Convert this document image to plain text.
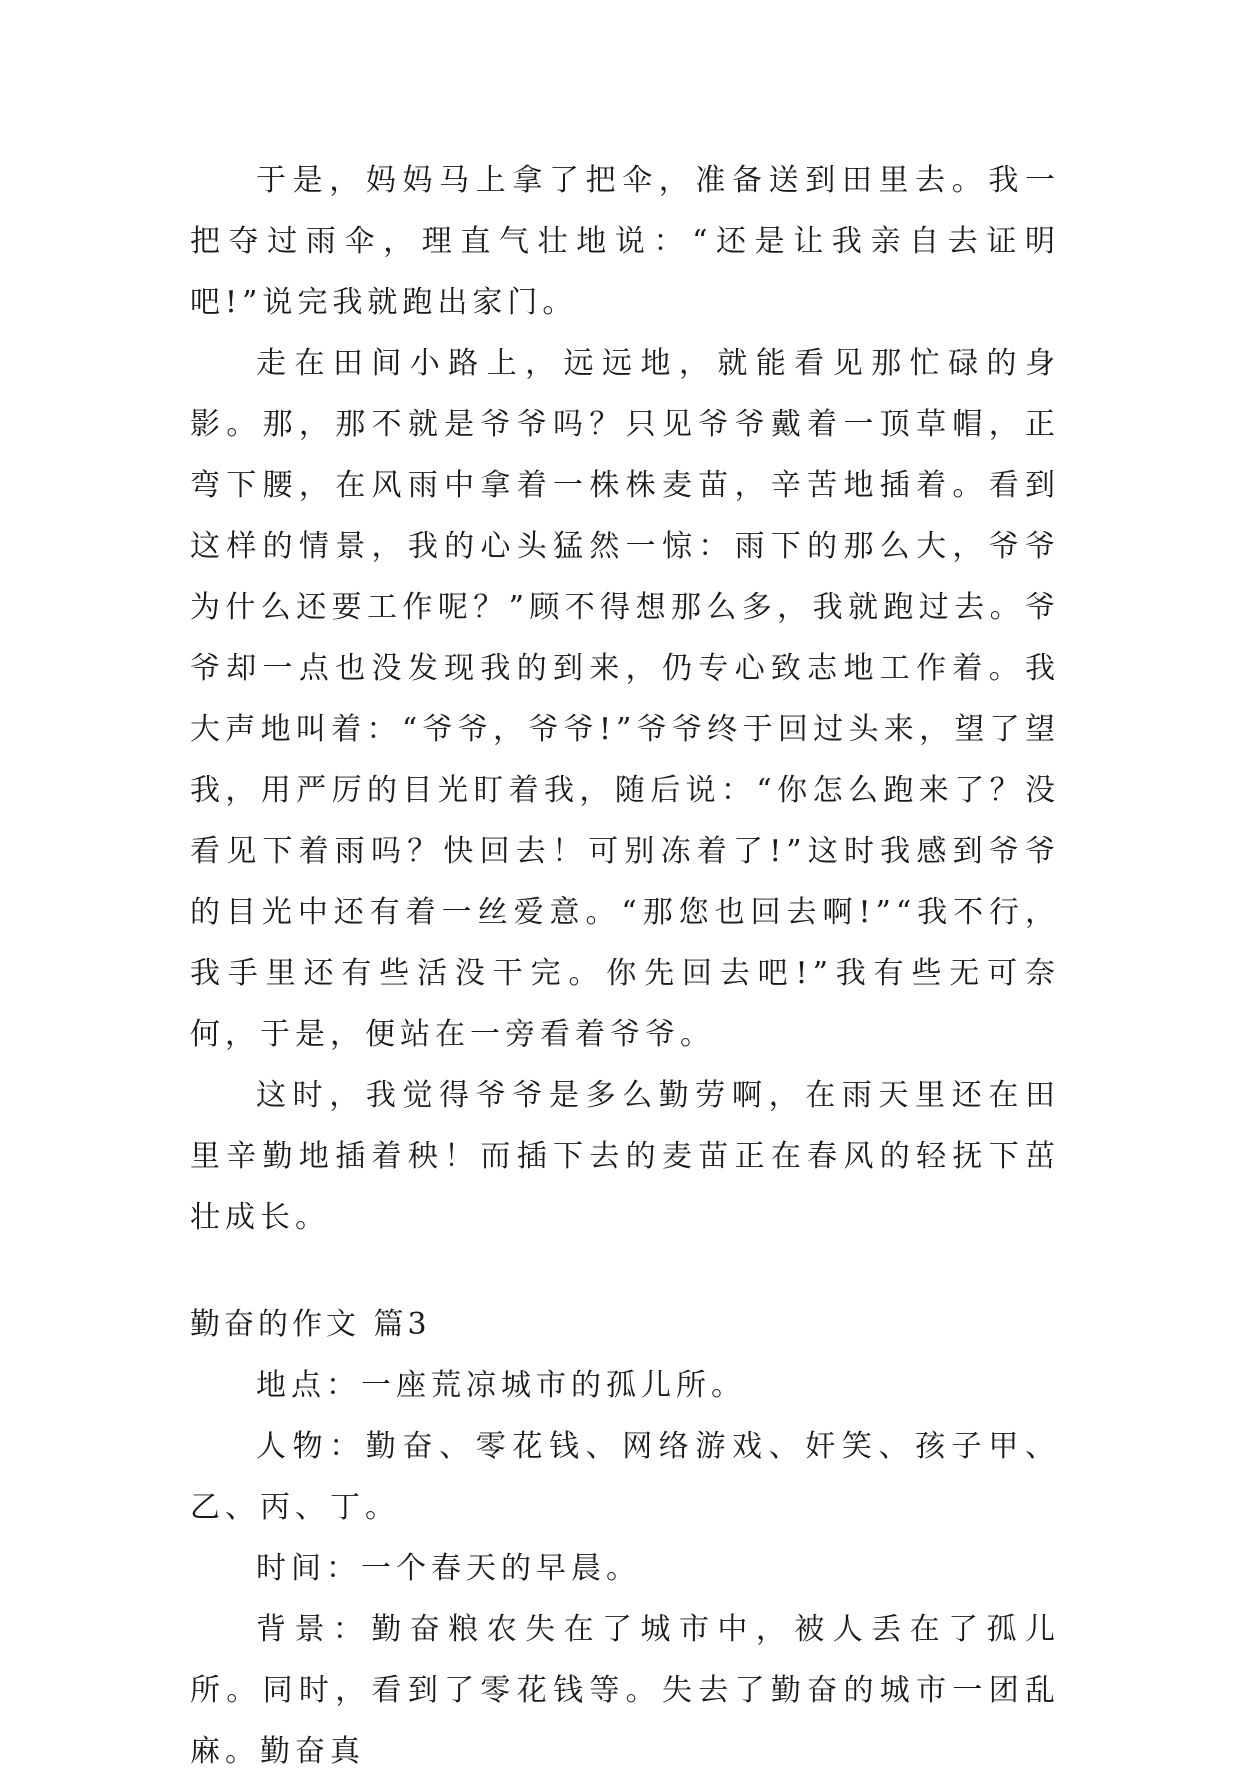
于是，妈妈马上拿了把伞，准备送到田里去。我一把夺过雨伞，理直气壮地说：“还是让我亲自去证明吧!”说完我就跑出家门。

走在田间小路上，远远地，就能看见那忙碌的身影。那，那不就是爷爷吗？只见爷爷戴着一顶草帽，正弯下腰，在风雨中拿着一株株麦苗，辛苦地插着。看到这样的情景，我的心头猛然一惊：雨下的那么大，爷爷为什么还要工作呢？”顾不得想那么多，我就跑过去。爷爷却一点也没发现我的到来，仍专心致志地工作着。我大声地叫着：“爷爷，爷爷!”爷爷终于回过头来，望了望我，用严厉的目光盯着我，随后说：“你怎么跑来了？没看见下着雨吗？快回去！可别冻着了!”这时我感到爷爷的目光中还有着一丝爱意。“那您也回去啊!”“我不行，我手里还有些活没干完。你先回去吧!”我有些无可奈何，于是，便站在一旁看着爷爷。

这时，我觉得爷爷是多么勤劳啊，在雨天里还在田里辛勤地插着秧！而插下去的麦苗正在春风的轻抚下茁壮成长。

勤奋的作文 篇3

地点：一座荒凉城市的孤儿所。

人物：勤奋、零花钱、网络游戏、奸笑、孩子甲、乙、丙、丁。

时间：一个春天的早晨。

背景：勤奋粮农失在了城市中，被人丢在了孤儿所。同时，看到了零花钱等。失去了勤奋的城市一团乱麻。勤奋真
